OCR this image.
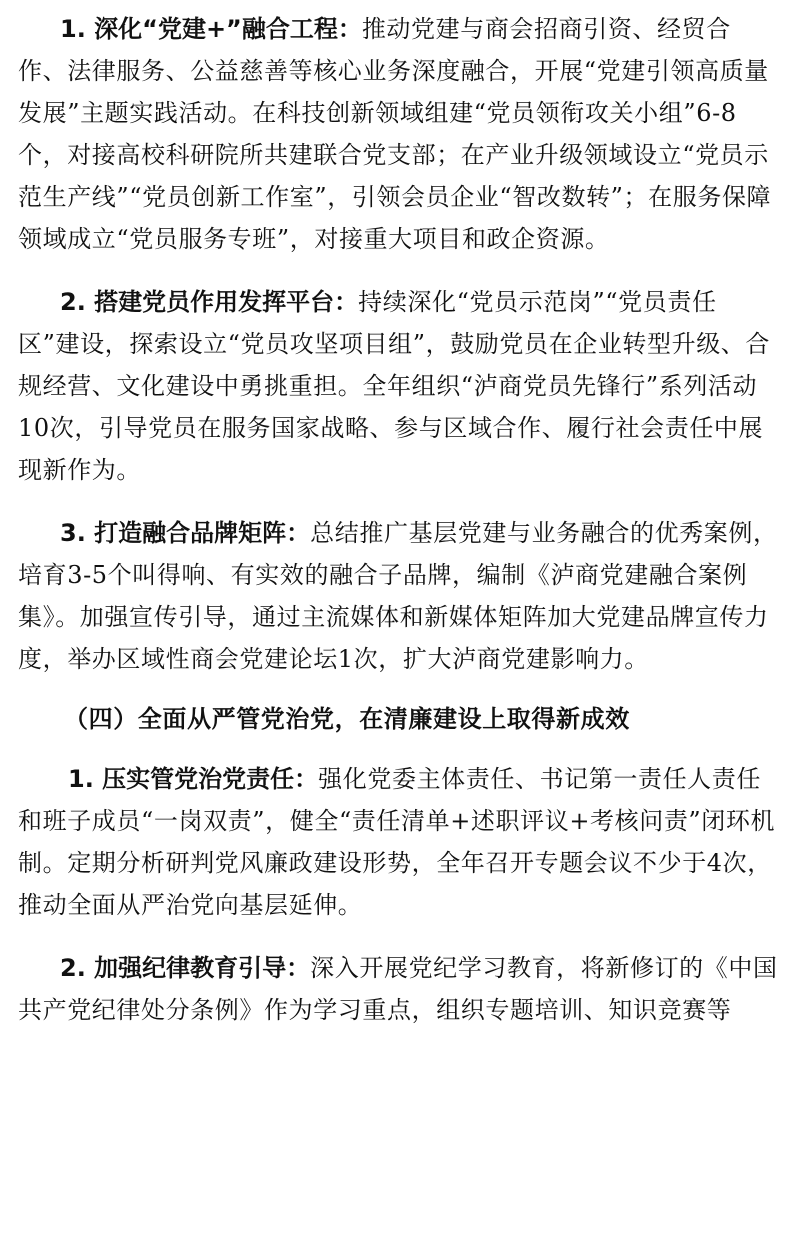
1. 深化“党建+”融合工程：推动党建与商会招商引资、经贸合作、法律服务、公益慈善等核心业务深度融合，开展“党建引领高质量发展”主题实践活动。在科技创新领域组建“党员领衔攻关小组”6-8个，对接高校科研院所共建联合党支部；在产业升级领域设立“党员示范生产线”“党员创新工作室”，引领会员企业“智改数转”；在服务保障领域成立“党员服务专班”，对接重大项目和政企资源。

2. 搭建党员作用发挥平台：持续深化“党员示范岗”“党员责任区”建设，探索设立“党员攻坚项目组”，鼓励党员在企业转型升级、合规经营、文化建设中勇挑重担。全年组织“泸商党员先锋行”系列活动10次，引导党员在服务国家战略、参与区域合作、履行社会责任中展现新作为。

3. 打造融合品牌矩阵：总结推广基层党建与业务融合的优秀案例，培育3-5个叫得响、有实效的融合子品牌，编制《泸商党建融合案例集》。加强宣传引导，通过主流媒体和新媒体矩阵加大党建品牌宣传力度，举办区域性商会党建论坛1次，扩大泸商党建影响力。

（四）全面从严管党治党，在清廉建设上取得新成效

1. 压实管党治党责任：强化党委主体责任、书记第一责任人责任和班子成员“一岗双责”，健全“责任清单+述职评议+考核问责”闭环机制。定期分析研判党风廉政建设形势，全年召开专题会议不少于4次，推动全面从严治党向基层延伸。

2. 加强纪律教育引导：深入开展党纪学习教育，将新修订的《中国共产党纪律处分条例》作为学习重点，组织专题培训、知识竞赛等
